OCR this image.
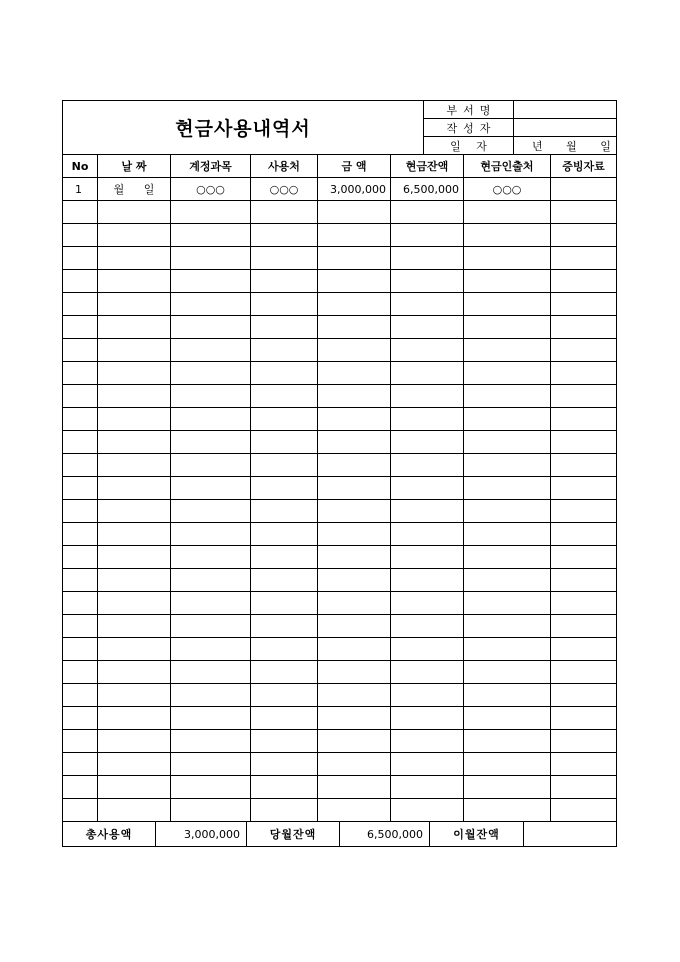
현금사용내역서	부서명	
	작성자	
	일 자	년 월 일
No	날 짜	계정과목	사용처	금 액	현금잔액	현금인출처	증빙자료
1	월 일	○○○	○○○	3,000,000	6,500,000	○○○	

총사용액	3,000,000	당월잔액	6,500,000	이월잔액	
